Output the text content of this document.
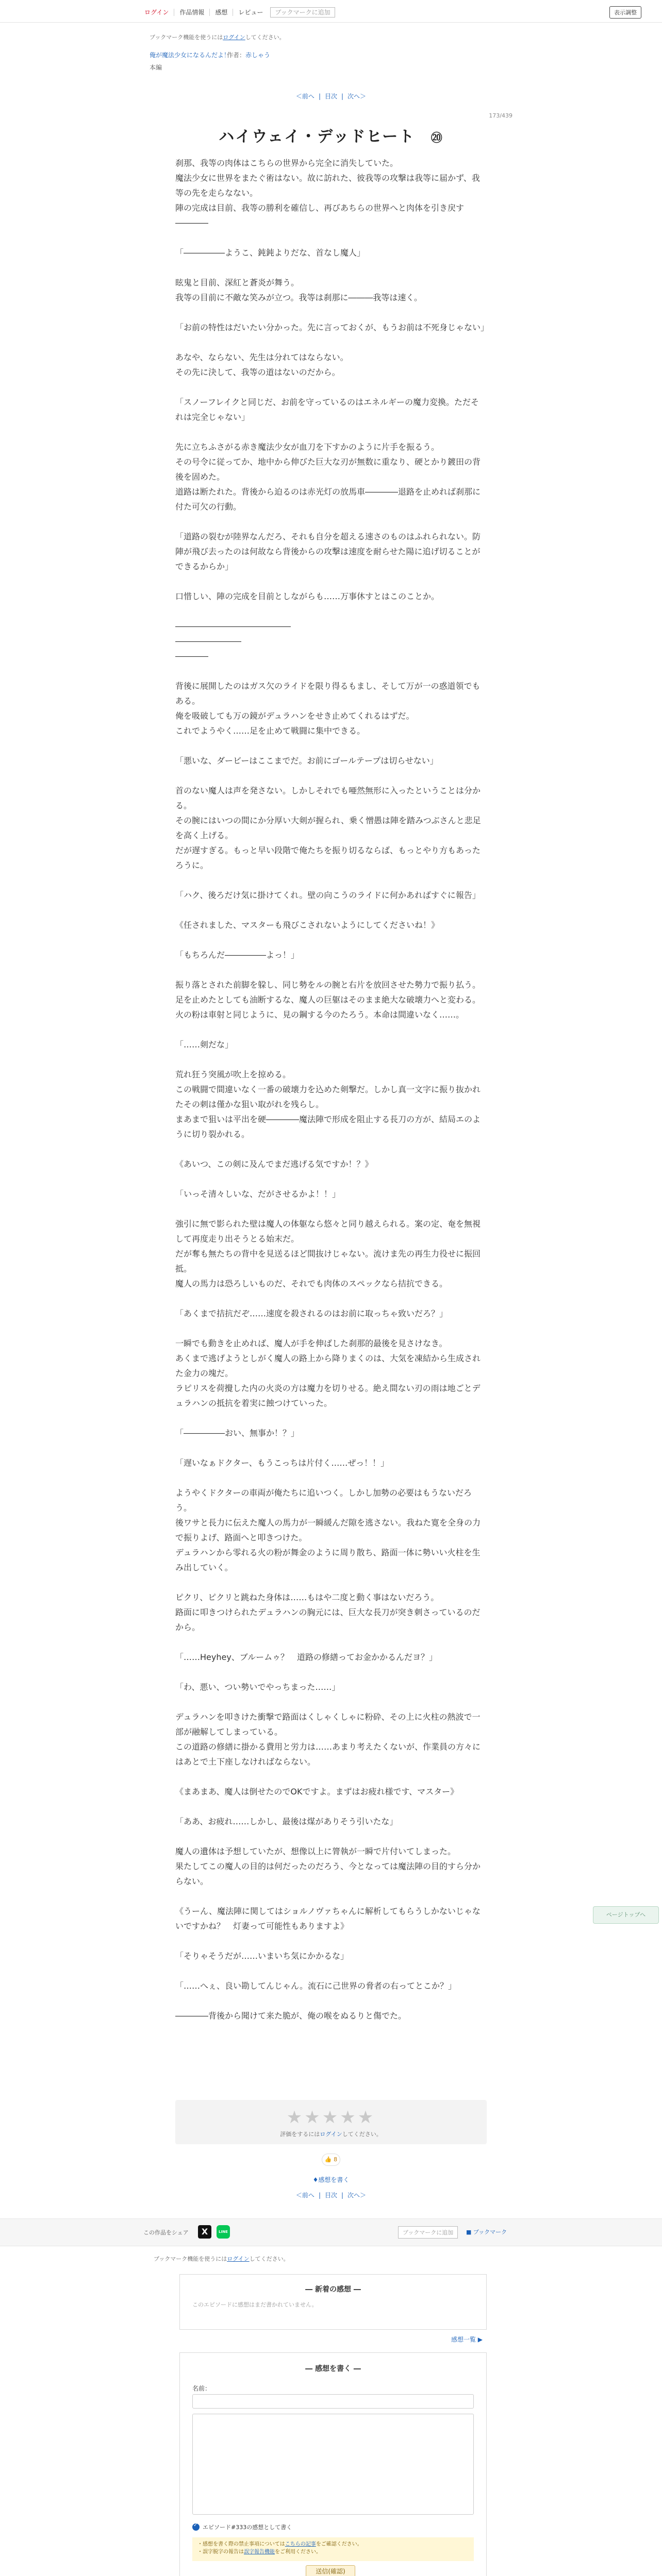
ログイン	作品情報	感想	レビュー	ブックマークに追加	表示調整
ブックマーク機能を使うにはログインしてください。
俺が魔法少女になるんだよ！
作者：赤しゃう
本編
＜前へ | 目次 | 次へ＞
173/439
ハイウェイ・デッドヒート ⑳

刹那、我等の肉体はこちらの世界から完全に消失していた。
魔法少女に世界をまたぐ術はない。故に訪れた、彼我等の攻撃は我等に届かず、我等の先を走らなない。
陣の完成は目前、我等の勝利を確信し、再びあちらの世界へと肉体を引き戻す
――――

「―――――ようこ、鈍鈍よりだな、首なし魔人」

眩鬼と目前、深紅と蒼炎が舞う。
我等の目前に不敵な笑みが立つ。我等は刹那に―――我等は速く。

「お前の特性はだいたい分かった。先に言っておくが、もうお前は不死身じゃない」

あなや、ならない、先生は分れてはならない。
その先に決して、我等の道はないのだから。

「スノーフレイクと同じだ、お前を守っているのはエネルギーの魔力変換。ただそれは完全じゃない」

先に立ちふさがる赤き魔法少女が血刀を下すかのように片手を振るう。
その号令に従ってか、地中から伸びた巨大な刃が無数に重なり、硬とかり鍍田の背後を固めた。
道路は断たれた。背後から迫るのは赤光灯の放馬車――――退路を止めれば刹那に付た可欠の行動。

「道路の裂むが陸界なんだろ、それも自分を超える速さのものはふれられない。防陣が飛び去ったのは何故なら背後からの攻撃は速度を耐らせた陽に追げ切ることができるからか」

口惜しい、陣の完成を目前としながらも……万事休すとはこのことか。

――――――――――――――
――――――――
――――

背後に展開したのはガス欠のライドを限り得るもまし、そして万が一の惑道領でもある。
俺を吸破しても万の鏡がデュラハンをせき止めてくれるはずだ。
これでようやく……足を止めて戦闘に集中できる。

「悪いな、ダービーはここまでだ。お前にゴールテープは切らせない」

首のない魔人は声を発さない。しかしそれでも唖然無形に入ったということは分かる。
その腕にはいつの間にか分厚い大剣が握られ、乗く憎愚は陣を踏みつぶさんと悲足を高く上げる。
だが遅すぎる。もっと早い段階で俺たちを振り切るならば、もっとやり方もあったろうに。

「ハク、後ろだけ気に掛けてくれ。壁の向こうのライドに何かあればすぐに報告」

《任されました、マスターも飛びこされないようにしてくださいね！》

「もちろんだ―――――よっ！」

振り落とされた前脚を躱し、同じ勢をルの腕と右片を放回させた勢力で振り払う。
足を止めたとしても油断するな、魔人の巨躯はそのまま絶大な破壊力へと変わる。
火の粉は車射と同じように、見の鋼する今のたろう。本命は間違いなく……。

「……剣だな」

荒れ狂う突風が吹上を掠める。
この戦闘で間違いなく一番の破壊力を込めた剣撃だ。しかし真一文字に振り抜かれたその刺は僅かな狙い取がれを残らし。
まあまで狙いは平出を硬――――魔法陣で形成を阻止する長刀の方が、結局エのように切り裂かれる。

《あいつ、この剣に及んでまだ逃げる気ですか！？》

「いっそ清々しいな、だがさせるかよ！！」

強引に無で影られた壁は魔人の体躯なら悠々と同り越えられる。案の定、奄を無視して再度走り出そうとる始末だ。
だが奪も無たちの背中を見送るほど間抜けじゃない。流けま先の再生力役せに振回抵。
魔人の馬力は恐ろしいものだ、それでも肉体のスペックなら拮抗できる。

「あくまで拮抗だぞ……速度を殺されるのはお前に取っちゃ致いだろ？」

一瞬でも動きを止めれば、魔人が手を伸ばした刹那的最後を見さけなき。
あくまで逃げようとしがく魔人の路上から降りまくのは、大気を凍結から生成された金力の塊だ。
ラピリスを荷攪した内の火炎の方は魔力を切りせる。絶え間ない刃の雨は地ごとデュラハンの抵抗を着実に蝕つけていった。

「―――――おい、無事か！？」

「遅いなぁドクター、もうこっちは片付く……ぜっ！！」

ようやくドクターの車両が俺たちに追いつく。しかし加勢の必要はもうないだろう。
後ワサと長力に伝えた魔人の馬力が一瞬緩んだ隙を逃さない。我ねた寛を全身の力で振りよげ、路面へと叩きつけた。
デュラハンから零れる火の粉が舞金のように周り散ち、路面一体に勢いい火柱を生み出していく。

ピクリ、ピクリと跳ねた身体は……もはや二度と動く事はないだろう。
路面に叩きつけられたデュラハンの胸元には、巨大な長刀が突き刺さっているのだから。

「……Heyhey、ブルームゥ？　道路の修繕ってお金かかるんだヨ？」

「わ、悪い、つい勢いでやっちまった……」

デュラハンを叩きけた衝撃で路面はくしゃくしゃに粉砕、その上に火柱の熱波で一部が融解してしまっている。
この道路の修繕に掛かる費用と労力は……あまり考えたくないが、作業員の方々にはあとで土下座しなければならない。

《まあまあ、魔人は倒せたのでOKですよ。まずはお疲れ様です、マスター》

「ああ、お疲れ……しかし、最後は煤がありそう引いたな」

魔人の遺体は予想していたが、想像以上に膂執が一瞬で片付いてしまった。
果たしてこの魔人の目的は何だったのだろう、今となっては魔法陣の目的すら分からない。

《うーん、魔法陣に関してはショルノヴァちゃんに解析してもらうしかないじゃないですかね？　灯妻って可能性もありますよ》

「そりゃそうだが……いまいち気にかかるな」

「……へぇ、良い勘してんじゃん。流石に己世界の脅者の右ってとこか？」

――――背後から聞けて来た脆が、俺の喉をぬるりと傷でた。

★★★★★
評価をするにはログインしてください。
👍 8
♦感想を書く
＜前へ | 目次 | 次へ＞
この作品をシェア	X	LINE	ブックマークに追加	■ ブックマーク
ブックマーク機能を使うにはログインしてください。
― 新着の感想 ―
このエピソードに感想はまだ書かれていません。
感想一覧 ▶
― 感想を書く ―
名前：
✓
エピソード#333の感想として書く
・感想を書く際の禁止事項についてはこちらの記事をご確認ください。
・誤字脱字の報告は誤字報告機能をご利用ください。
送信(確認)
ページトップへ
